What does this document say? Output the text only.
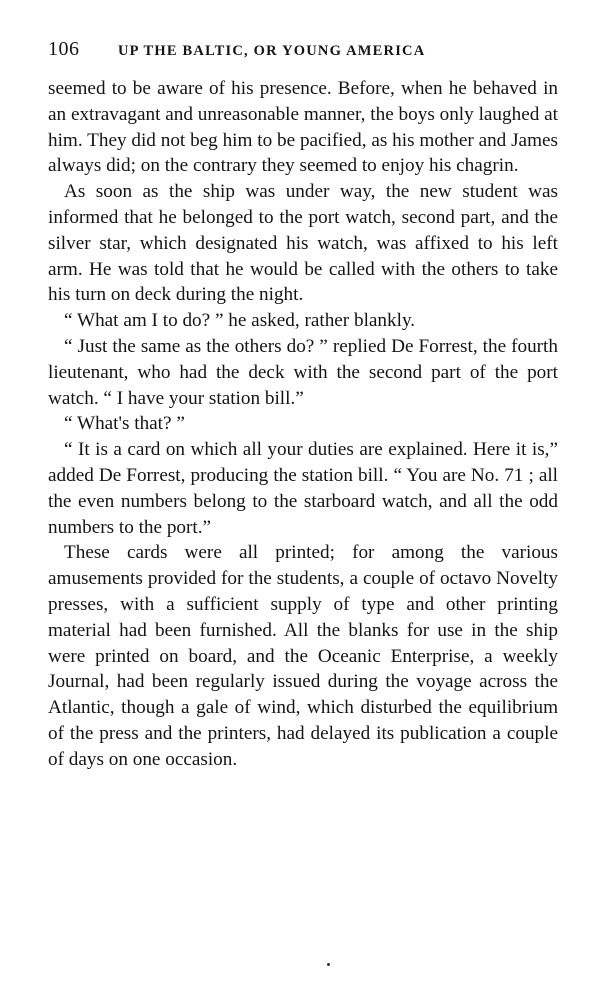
106	UP THE BALTIC, OR YOUNG AMERICA

seemed to be aware of his presence. Before, when he behaved in an extravagant and unreasonable manner, the boys only laughed at him. They did not beg him to be pacified, as his mother and James always did; on the contrary they seemed to enjoy his chagrin.

As soon as the ship was under way, the new student was informed that he belonged to the port watch, second part, and the silver star, which designated his watch, was affixed to his left arm. He was told that he would be called with the others to take his turn on deck during the night.

“ What am I to do? ” he asked, rather blankly.

“ Just the same as the others do? ” replied De Forrest, the fourth lieutenant, who had the deck with the second part of the port watch. “ I have your station bill.”

“ What's that? ”

“ It is a card on which all your duties are explained. Here it is,” added De Forrest, producing the station bill. “ You are No. 71 ; all the even numbers belong to the starboard watch, and all the odd numbers to the port.”

These cards were all printed; for among the various amusements provided for the students, a couple of octavo Novelty presses, with a sufficient supply of type and other printing material had been furnished. All the blanks for use in the ship were printed on board, and the Oceanic Enterprise, a weekly Journal, had been regularly issued during the voyage across the Atlantic, though a gale of wind, which disturbed the equilibrium of the press and the printers, had delayed its publication a couple of days on one occasion.
